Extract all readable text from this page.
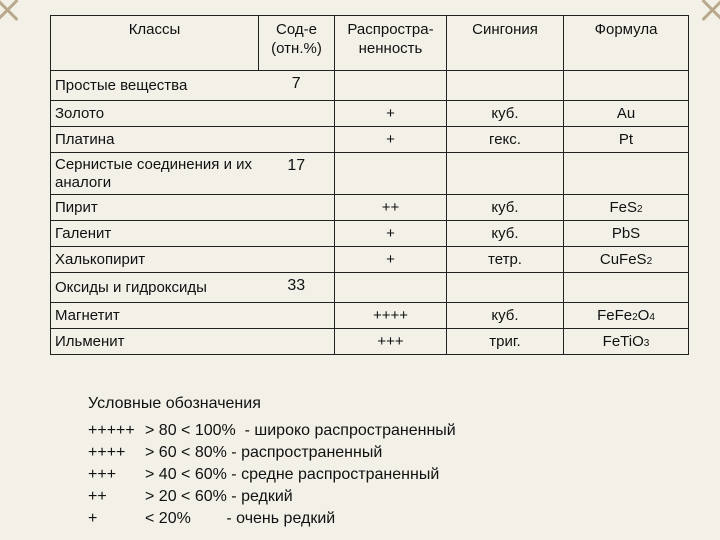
Классы	Сод-е (отн.%)	Распростра-ненность	Сингония	Формула
Простые вещества	7			
Золото		+	куб.	Au
Платина		+	гекс.	Pt
Сернистые соединения и их аналоги	17			
Пирит		++	куб.	FeS2
Галенит		+	куб.	PbS
Халькопирит		+	тетр.	CuFeS2
Оксиды и гидроксиды	33			
Магнетит		++++	куб.	FeFe2O4
Ильменит		+++	триг.	FeTiO3
Условные обозначения
+++++ > 80 < 100%  - широко распространенный
++++	> 60 < 80% - распространенный
+++	> 40 < 60% - средне распространенный
++	> 20 < 60% - редкий
+	< 20%        - очень редкий
